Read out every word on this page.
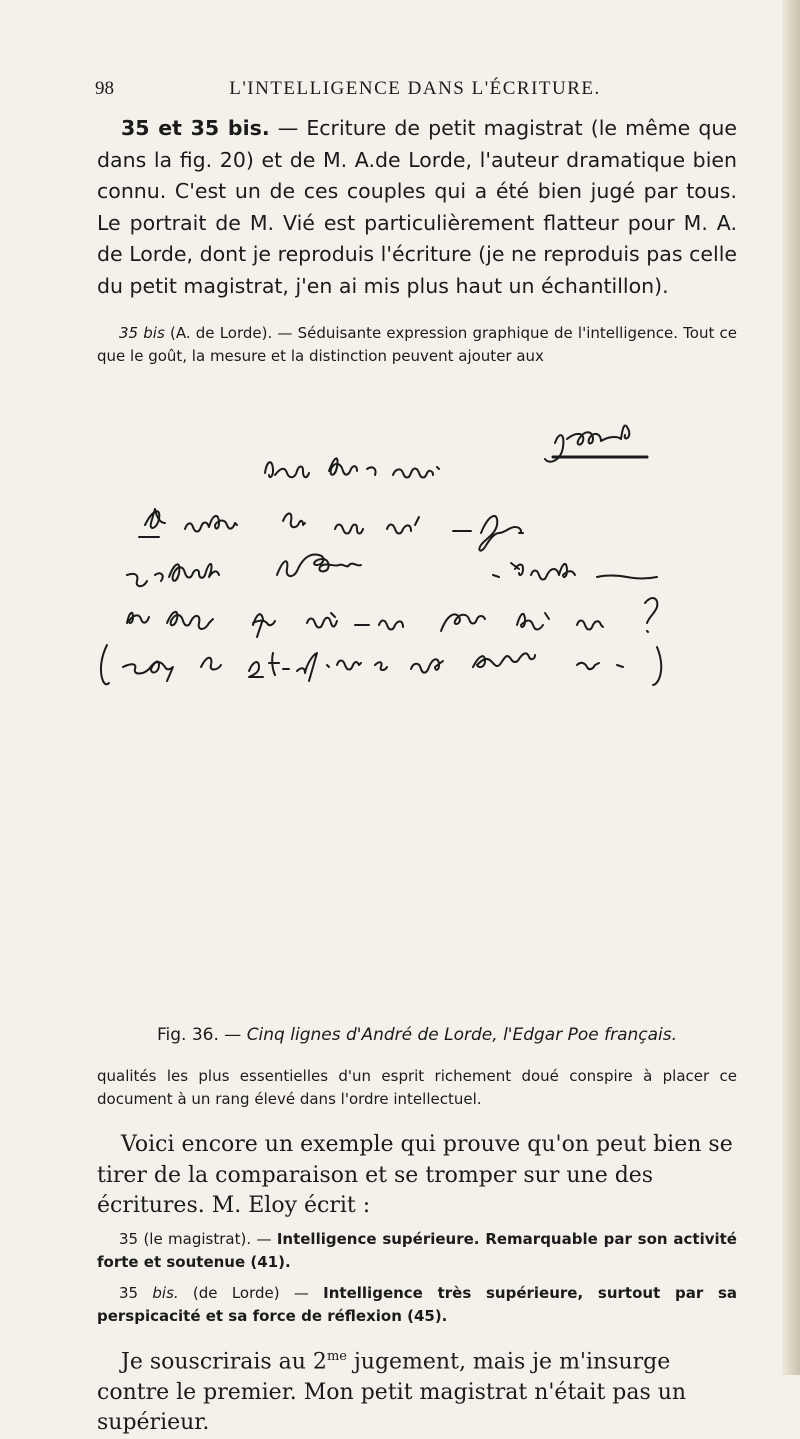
98	L'INTELLIGENCE DANS L'ÉCRITURE.
35 et 35 bis. — Ecriture de petit magistrat (le même que dans la fig. 20) et de M. A.de Lorde, l'auteur dramatique bien connu. C'est un de ces couples qui a été bien jugé par tous. Le portrait de M. Vié est particulièrement flatteur pour M. A. de Lorde, dont je reproduis l'écriture (je ne reproduis pas celle du petit magistrat, j'en ai mis plus haut un échantillon).
35 bis (A. de Lorde). — Séduisante expression graphique de l'intelligence. Tout ce que le goût, la mesure et la distinction peuvent ajouter aux
Fig. 36. — Cinq lignes d'André de Lorde, l'Edgar Poe français.
qualités les plus essentielles d'un esprit richement doué conspire à placer ce document à un rang élevé dans l'ordre intellectuel.
Voici encore un exemple qui prouve qu'on peut bien se tirer de la comparaison et se tromper sur une des écritures. M. Eloy écrit :
35 (le magistrat). — Intelligence supérieure. Remarquable par son activité forte et soutenue (41).
35 bis. (de Lorde) — Intelligence très supérieure, surtout par sa perspicacité et sa force de réflexion (45).
Je souscrirais au $2^{me}$ jugement, mais je m'insurge contre le premier. Mon petit magistrat n'était pas un supérieur.
